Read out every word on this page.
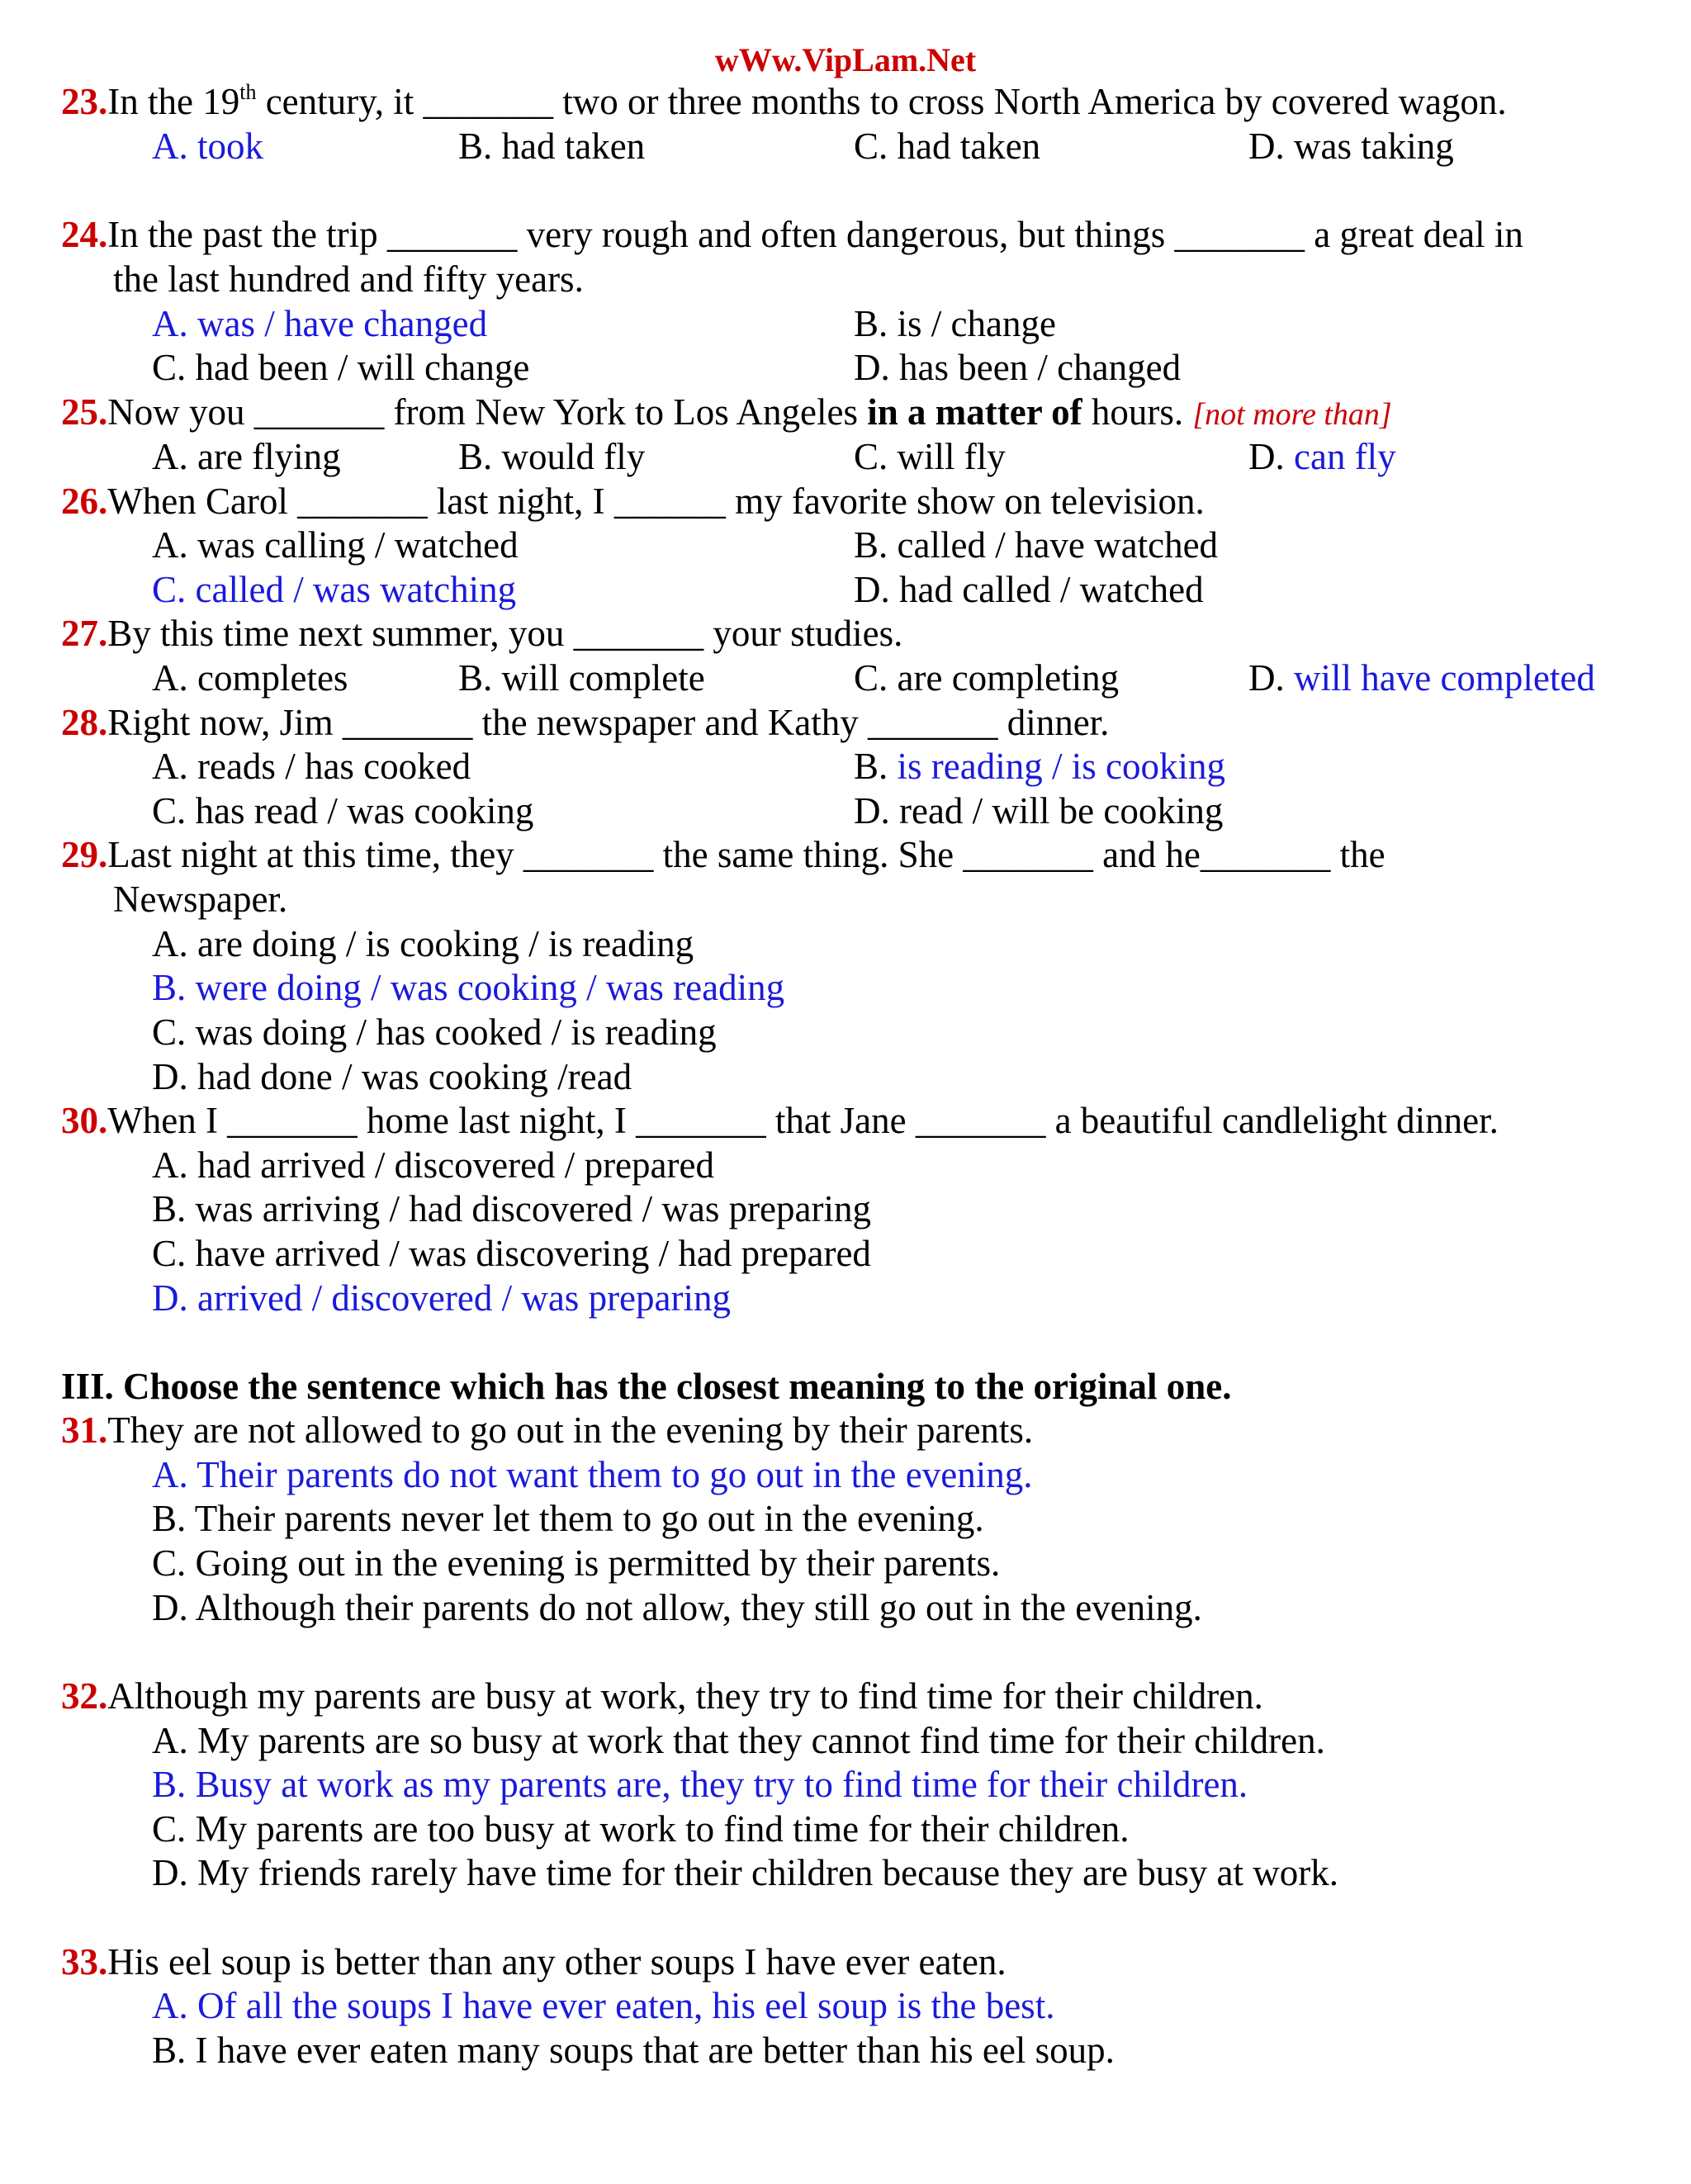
wWw.VipLam.Net
23.In the 19th century, it _______ two or three months to cross North America by covered wagon.
A. took	B. had taken	C. had taken	D. was taking
24.In the past the trip _______ very rough and often dangerous, but things _______ a great deal in
the last hundred and fifty years.
A. was / have changed	B. is / change
C. had been / will change	D. has been / changed
25.Now you _______ from New York to Los Angeles in a matter of hours. [not more than]
A. are flying	B. would fly	C. will fly	D. can fly
26.When Carol _______ last night, I ______ my favorite show on television.
A. was calling / watched	B. called / have watched
C. called / was watching	D. had called / watched
27.By this time next summer, you _______ your studies.
A. completes	B. will complete	C. are completing	D. will have completed
28.Right now, Jim _______ the newspaper and Kathy _______ dinner.
A. reads / has cooked	B. is reading / is cooking
C. has read / was cooking	D. read / will be cooking
29.Last night at this time, they _______ the same thing. She _______ and he_______ the
Newspaper.
A. are doing / is cooking / is reading
B. were doing / was cooking / was reading
C. was doing / has cooked / is reading
D. had done / was cooking /read
30.When I _______ home last night, I _______ that Jane _______ a beautiful candlelight dinner.
A. had arrived / discovered / prepared
B. was arriving / had discovered / was preparing
C. have arrived / was discovering / had prepared
D. arrived / discovered / was preparing
III. Choose the sentence which has the closest meaning to the original one.
31.They are not allowed to go out in the evening by their parents.
A. Their parents do not want them to go out in the evening.
B. Their parents never let them to go out in the evening.
C. Going out in the evening is permitted by their parents.
D. Although their parents do not allow, they still go out in the evening.
32.Although my parents are busy at work, they try to find time for their children.
A. My parents are so busy at work that they cannot find time for their children.
B. Busy at work as my parents are, they try to find time for their children.
C. My parents are too busy at work to find time for their children.
D. My friends rarely have time for their children because they are busy at work.
33.His eel soup is better than any other soups I have ever eaten.
A. Of all the soups I have ever eaten, his eel soup is the best.
B. I have ever eaten many soups that are better than his eel soup.
